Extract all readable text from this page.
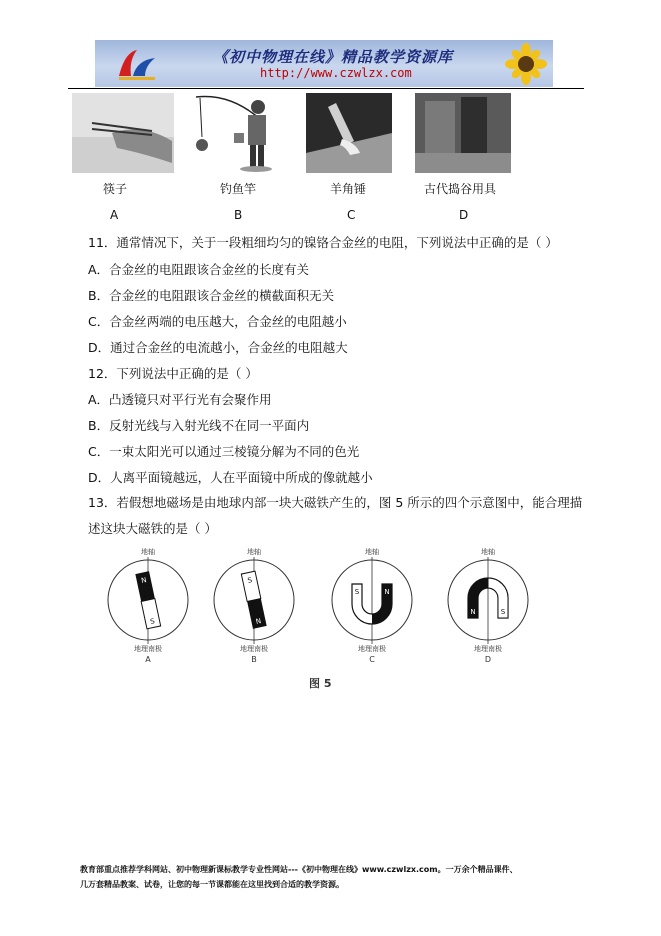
《初中物理在线》精品教学资源库
http://www.czwlzx.com
筷子	钓鱼竿	羊角锤	古代捣谷用具
A	B	C	D
11．通常情况下，关于一段粗细均匀的镍铬合金丝的电阻，下列说法中正确的是（ ）
A．合金丝的电阻跟该合金丝的长度有关
B．合金丝的电阻跟该合金丝的横截面积无关
C．合金丝两端的电压越大，合金丝的电阻越小
D．通过合金丝的电流越小，合金丝的电阻越大
12．下列说法中正确的是（ ）
A．凸透镜只对平行光有会聚作用
B．反射光线与入射光线不在同一平面内
C．一束太阳光可以通过三棱镜分解为不同的色光
D．人离平面镜越远，人在平面镜中所成的像就越小
13．若假想地磁场是由地球内部一块大磁铁产生的，图 5 所示的四个示意图中，能合理描
述这块大磁铁的是（ ）
地轴
N
S
地理南极
A
地轴
S
N
地理南极
B
地轴
S	N
地理南极
C
地轴
N	S
地理南极
D
图 5
教育部重点推荐学科网站、初中物理新课标教学专业性网站---《初中物理在线》www.czwlzx.com。一万余个精品课件、
几万套精品教案、试卷，让您的每一节课都能在这里找到合适的教学资源。
